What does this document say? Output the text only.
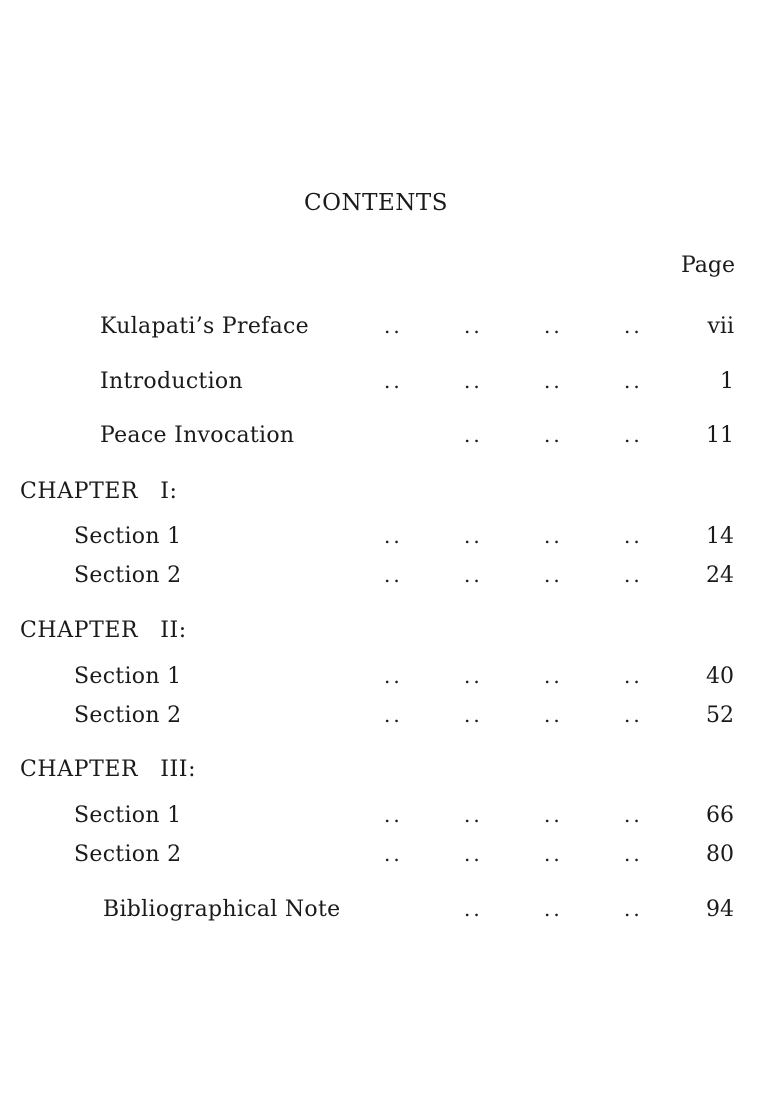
CONTENTS
Page
Kulapati’s Preface	..	..	..	..	vii
Introduction	..	..	..	..	1
Peace Invocation	..	..	..	11
CHAPTER I:
Section 1	..	..	..	..	14
Section 2	..	..	..	..	24
CHAPTER II:
Section 1	..	..	..	..	40
Section 2	..	..	..	..	52
CHAPTER III:
Section 1	..	..	..	..	66
Section 2	..	..	..	..	80
Bibliographical Note	..	..	..	94
